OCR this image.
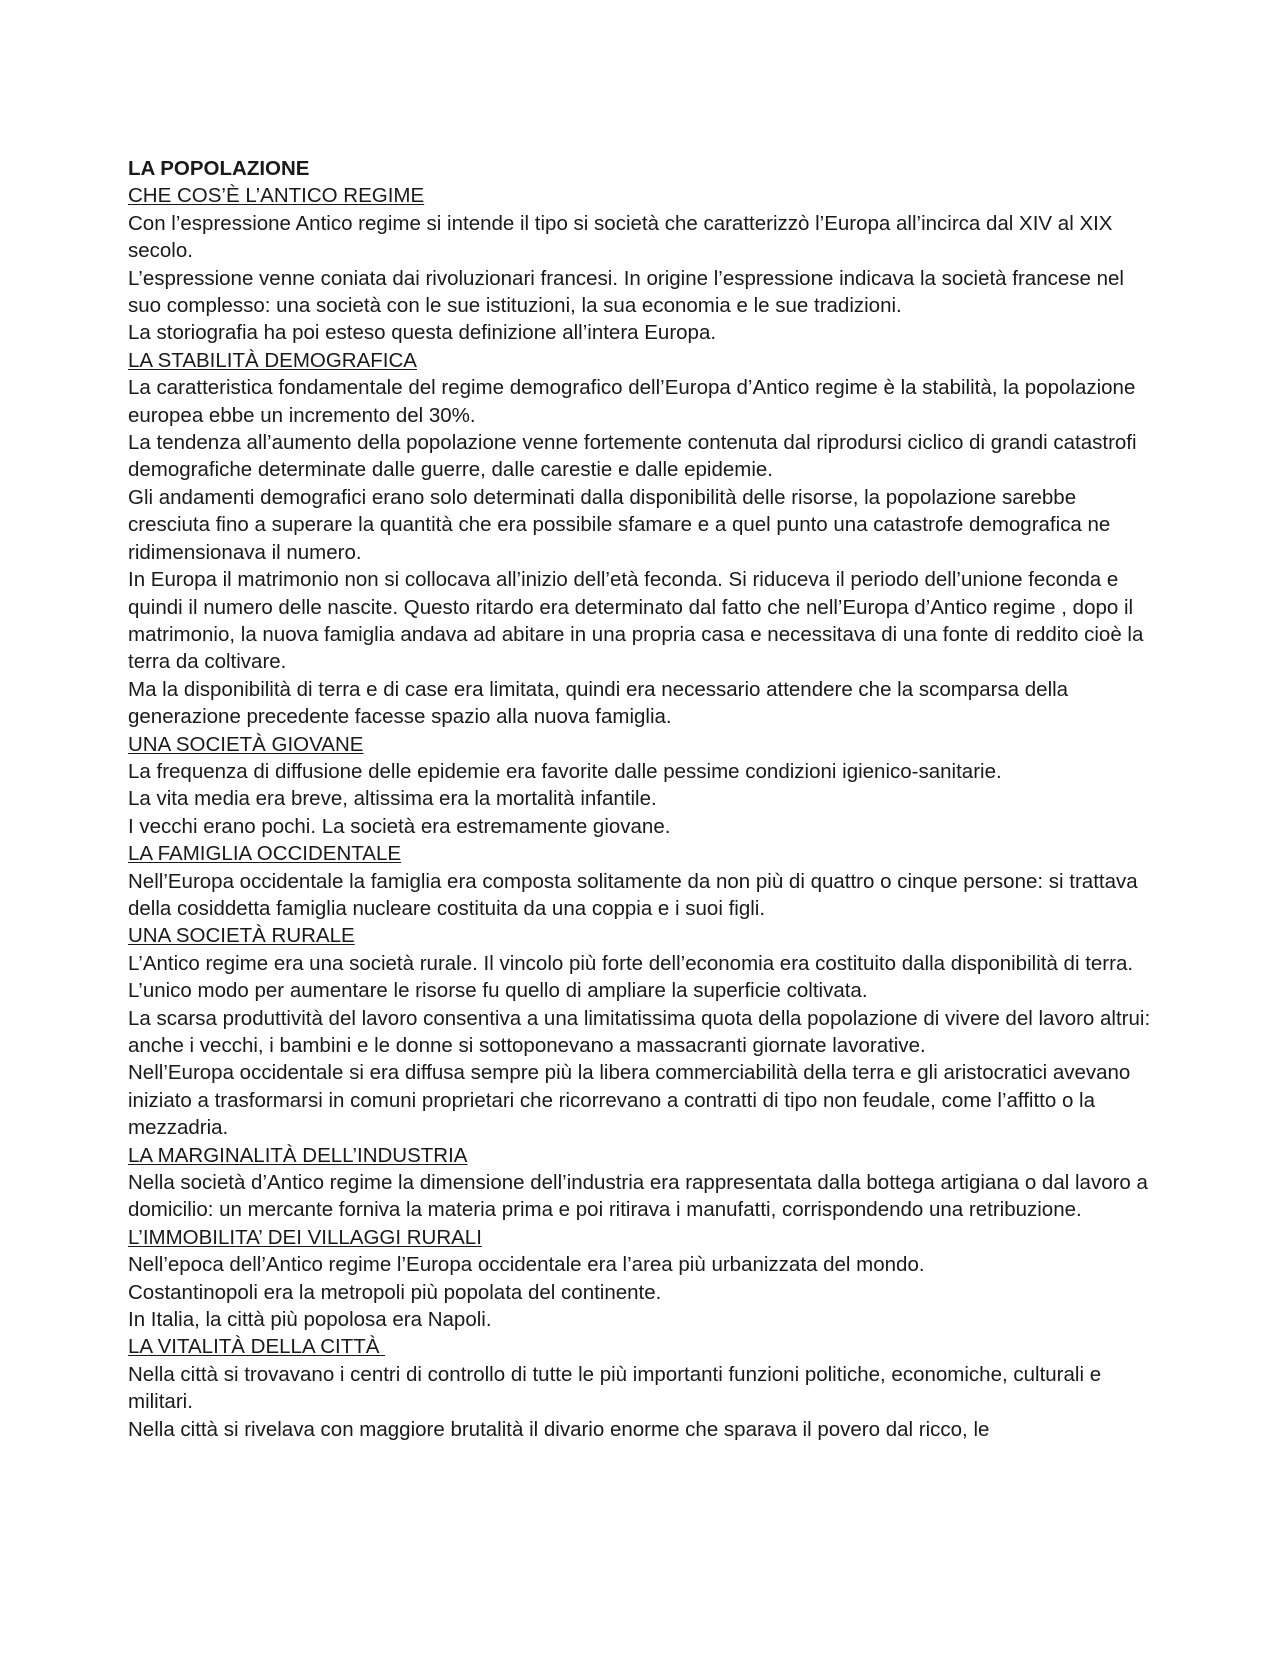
LA POPOLAZIONE

CHE COS’È L’ANTICO REGIME

Con l’espressione Antico regime si intende il tipo si società che caratterizzò l’Europa all’incirca dal XIV al XIX secolo.

L’espressione venne coniata dai rivoluzionari francesi. In origine l’espressione indicava la società francese nel suo complesso: una società con le sue istituzioni, la sua economia e le sue tradizioni.

La storiografia ha poi esteso questa definizione all’intera Europa.

LA STABILITÀ DEMOGRAFICA

La caratteristica fondamentale del regime demografico dell’Europa d’Antico regime è la stabilità, la popolazione europea ebbe un incremento del 30%.

La tendenza all’aumento della popolazione venne fortemente contenuta dal riprodursi ciclico di grandi catastrofi demografiche determinate dalle guerre, dalle carestie e dalle epidemie.

Gli andamenti demografici erano solo determinati dalla disponibilità delle risorse, la popolazione sarebbe cresciuta fino a superare la quantità che era possibile sfamare e a quel punto una catastrofe demografica ne ridimensionava il numero.

In Europa il matrimonio non si collocava all’inizio dell’età feconda. Si riduceva il periodo dell’unione feconda e quindi il numero delle nascite. Questo ritardo era determinato dal fatto che nell’Europa d’Antico regime , dopo il matrimonio, la nuova famiglia andava ad abitare in una propria casa e necessitava di una fonte di reddito cioè la terra da coltivare.

Ma la disponibilità di terra e di case era limitata, quindi era necessario attendere che la scomparsa della generazione precedente facesse spazio alla nuova famiglia.

UNA SOCIETÀ GIOVANE

La frequenza di diffusione delle epidemie era favorite dalle pessime condizioni igienico-sanitarie.

La vita media era breve, altissima era la mortalità infantile.

I vecchi erano pochi. La società era estremamente giovane.

LA FAMIGLIA OCCIDENTALE

Nell’Europa occidentale la famiglia era composta solitamente da non più di quattro o cinque persone: si trattava della cosiddetta famiglia nucleare costituita da una coppia e i suoi figli.

UNA SOCIETÀ RURALE

L’Antico regime era una società rurale. Il vincolo più forte dell’economia era costituito dalla disponibilità di terra.

L’unico modo per aumentare le risorse fu quello di ampliare la superficie coltivata.

La scarsa produttività del lavoro consentiva a una limitatissima quota della popolazione di vivere del lavoro altrui: anche i vecchi, i bambini e le donne si sottoponevano a massacranti giornate lavorative.

Nell’Europa occidentale si era diffusa sempre più la libera commerciabilità della terra e gli aristocratici avevano iniziato a trasformarsi in comuni proprietari che ricorrevano a contratti di tipo non feudale, come l’affitto o la mezzadria.

LA MARGINALITÀ DELL’INDUSTRIA

Nella società d’Antico regime la dimensione dell’industria era rappresentata dalla bottega artigiana o dal lavoro a domicilio: un mercante forniva la materia prima e poi ritirava i manufatti, corrispondendo una retribuzione.

L’IMMOBILITA’ DEI VILLAGGI RURALI

Nell’epoca dell’Antico regime l’Europa occidentale era l’area più urbanizzata del mondo.

Costantinopoli era la metropoli più popolata del continente.

In Italia, la città più popolosa era Napoli.

LA VITALITÀ DELLA CITTÀ

Nella città si trovavano i centri di controllo di tutte le più importanti funzioni politiche, economiche, culturali e militari.

Nella città si rivelava con maggiore brutalità il divario enorme che sparava il povero dal ricco, le
